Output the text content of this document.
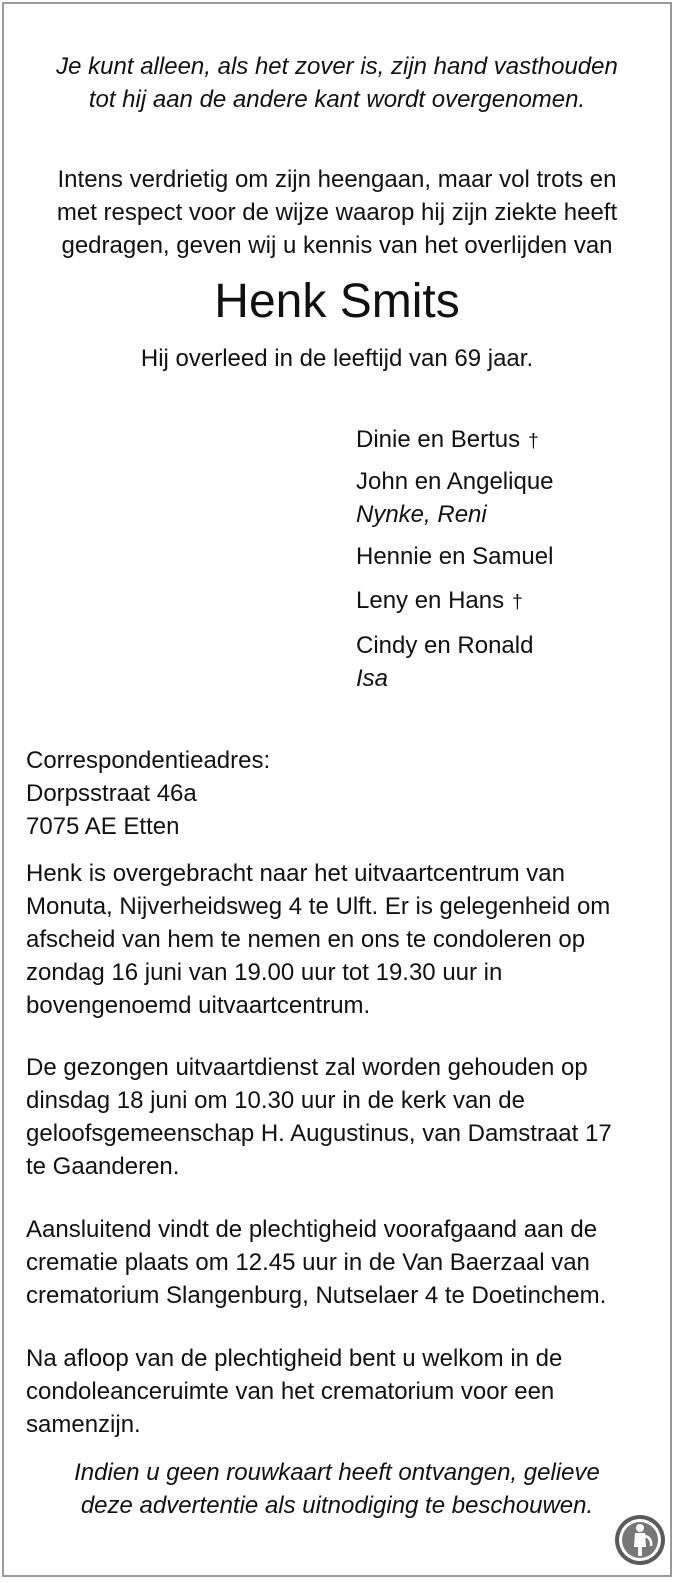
Je kunt alleen, als het zover is, zijn hand vasthouden

tot hij aan de andere kant wordt overgenomen.

Intens verdrietig om zijn heengaan, maar vol trots en

met respect voor de wijze waarop hij zijn ziekte heeft

gedragen, geven wij u kennis van het overlijden van

Henk Smits

Hij overleed in de leeftijd van 69 jaar.

Dinie en Bertus †

John en Angelique

Nynke, Reni

Hennie en Samuel

Leny en Hans †

Cindy en Ronald

Isa

Correspondentieadres:

Dorpsstraat 46a

7075 AE Etten

Henk is overgebracht naar het uitvaartcentrum van

Monuta, Nijverheidsweg 4 te Ulft. Er is gelegenheid om

afscheid van hem te nemen en ons te condoleren op

zondag 16 juni van 19.00 uur tot 19.30 uur in

bovengenoemd uitvaartcentrum.

De gezongen uitvaartdienst zal worden gehouden op

dinsdag 18 juni om 10.30 uur in de kerk van de

geloofsgemeenschap H. Augustinus, van Damstraat 17

te Gaanderen.

Aansluitend vindt de plechtigheid voorafgaand aan de

crematie plaats om 12.45 uur in de Van Baerzaal van

crematorium Slangenburg, Nutselaer 4 te Doetinchem.

Na afloop van de plechtigheid bent u welkom in de

condoleanceruimte van het crematorium voor een

samenzijn.

Indien u geen rouwkaart heeft ontvangen, gelieve

deze advertentie als uitnodiging te beschouwen.
